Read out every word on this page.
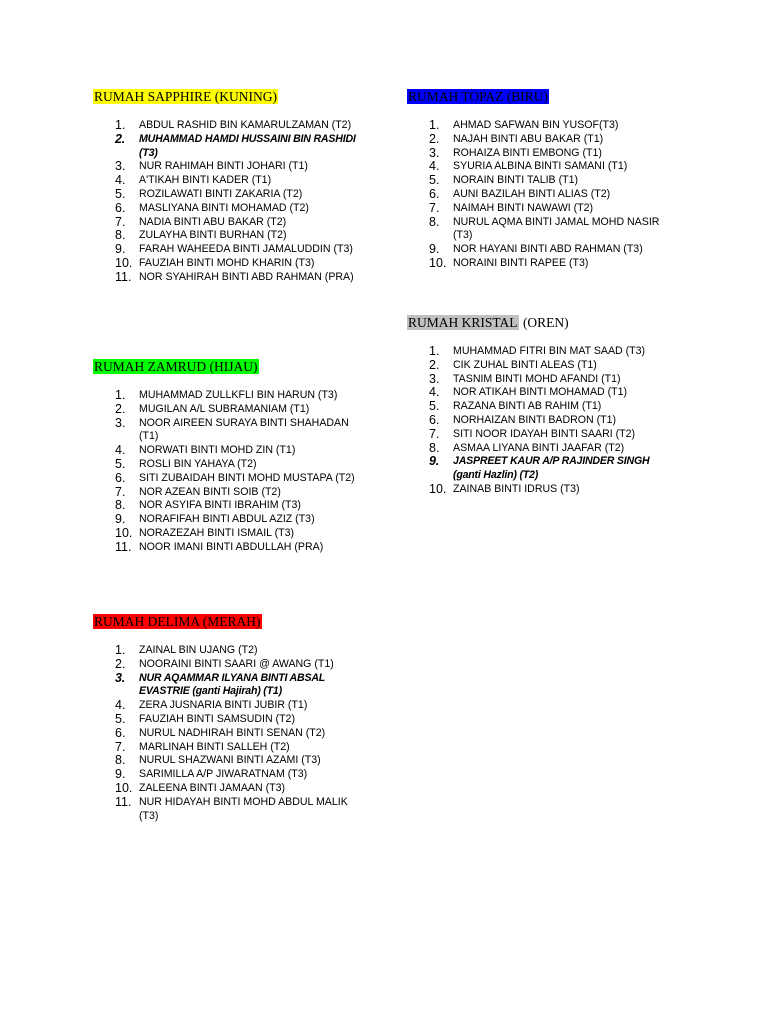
RUMAH SAPPHIRE (KUNING)
1. ABDUL RASHID BIN KAMARULZAMAN (T2)
2. MUHAMMAD HAMDI HUSSAINI BIN RASHIDI
(T3)
3. NUR RAHIMAH BINTI JOHARI (T1)
4. A'TIKAH BINTI KADER (T1)
5. ROZILAWATI BINTI ZAKARIA (T2)
6. MASLIYANA BINTI MOHAMAD (T2)
7. NADIA BINTI ABU BAKAR (T2)
8. ZULAYHA BINTI BURHAN (T2)
9. FARAH WAHEEDA BINTI JAMALUDDIN (T3)
10. FAUZIAH BINTI MOHD KHARIN (T3)
11. NOR SYAHIRAH BINTI ABD RAHMAN (PRA)
RUMAH TOPAZ (BIRU)
1. AHMAD SAFWAN BIN YUSOF(T3)
2. NAJAH BINTI ABU BAKAR (T1)
3. ROHAIZA BINTI EMBONG (T1)
4. SYURIA ALBINA BINTI SAMANI (T1)
5. NORAIN BINTI TALIB (T1)
6. AUNI BAZILAH BINTI ALIAS (T2)
7. NAIMAH BINTI NAWAWI (T2)
8. NURUL AQMA BINTI JAMAL MOHD NASIR
(T3)
9. NOR HAYANI BINTI ABD RAHMAN (T3)
10. NORAINI BINTI RAPEE (T3)
RUMAH KRISTAL (OREN)
1. MUHAMMAD FITRI BIN MAT SAAD (T3)
2. CIK ZUHAL BINTI ALEAS (T1)
3. TASNIM BINTI MOHD AFANDI (T1)
4. NOR ATIKAH BINTI MOHAMAD (T1)
5. RAZANA BINTI AB RAHIM (T1)
6. NORHAIZAN BINTI BADRON (T1)
7. SITI NOOR IDAYAH BINTI SAARI (T2)
8. ASMAA LIYANA BINTI JAAFAR (T2)
9. JASPREET KAUR A/P RAJINDER SINGH
(ganti Hazlin) (T2)
10. ZAINAB BINTI IDRUS (T3)
RUMAH ZAMRUD (HIJAU)
1. MUHAMMAD ZULLKFLI BIN HARUN (T3)
2. MUGILAN A/L SUBRAMANIAM (T1)
3. NOOR AIREEN SURAYA BINTI SHAHADAN
(T1)
4. NORWATI BINTI MOHD ZIN (T1)
5. ROSLI BIN YAHAYA (T2)
6. SITI ZUBAIDAH BINTI MOHD MUSTAPA (T2)
7. NOR AZEAN BINTI SOIB (T2)
8. NOR ASYIFA BINTI IBRAHIM (T3)
9. NORAFIFAH BINTI ABDUL AZIZ (T3)
10. NORAZEZAH BINTI ISMAIL (T3)
11. NOOR IMANI BINTI ABDULLAH (PRA)
RUMAH DELIMA (MERAH)
1. ZAINAL BIN UJANG (T2)
2. NOORAINI BINTI SAARI @ AWANG (T1)
3. NUR AQAMMAR ILYANA BINTI ABSAL
EVASTRIE (ganti Hajirah) (T1)
4. ZERA JUSNARIA BINTI JUBIR (T1)
5. FAUZIAH BINTI SAMSUDIN (T2)
6. NURUL NADHIRAH BINTI SENAN (T2)
7. MARLINAH BINTI SALLEH (T2)
8. NURUL SHAZWANI BINTI AZAMI (T3)
9. SARIMILLA A/P JIWARATNAM (T3)
10. ZALEENA BINTI JAMAAN (T3)
11. NUR HIDAYAH BINTI MOHD ABDUL MALIK
(T3)
